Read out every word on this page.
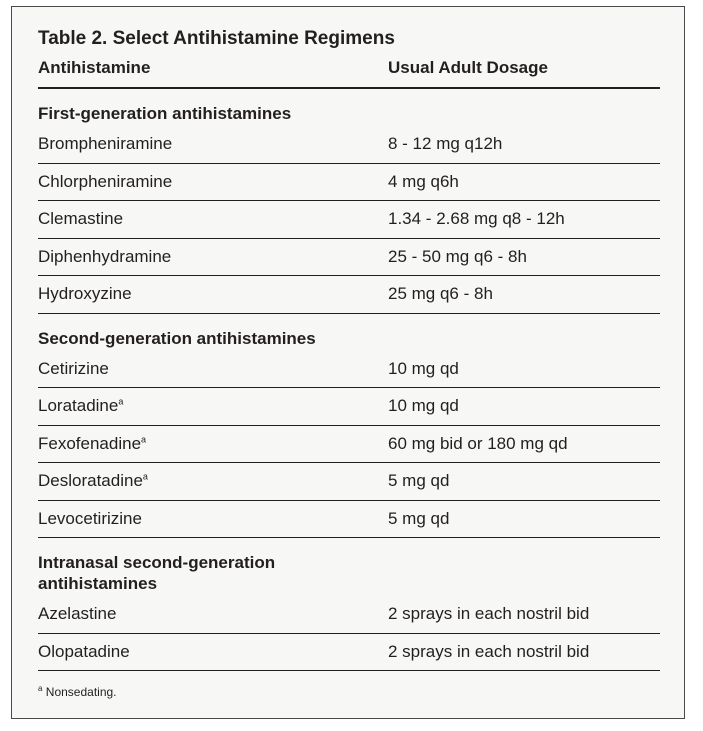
Table 2. Select Antihistamine Regimens
Antihistamine	Usual Adult Dosage
First-generation antihistamines
Brompheniramine	8 - 12 mg q12h
Chlorpheniramine	4 mg q6h
Clemastine	1.34 - 2.68 mg q8 - 12h
Diphenhydramine	25 - 50 mg q6 - 8h
Hydroxyzine	25 mg q6 - 8h
Second-generation antihistamines
Cetirizine	10 mg qd
Loratadine$^a$	10 mg qd
Fexofenadine$^a$	60 mg bid or 180 mg qd
Desloratadine$^a$	5 mg qd
Levocetirizine	5 mg qd
Intranasal second-generation antihistamines
Azelastine	2 sprays in each nostril bid
Olopatadine	2 sprays in each nostril bid
$^a$ Nonsedating.
